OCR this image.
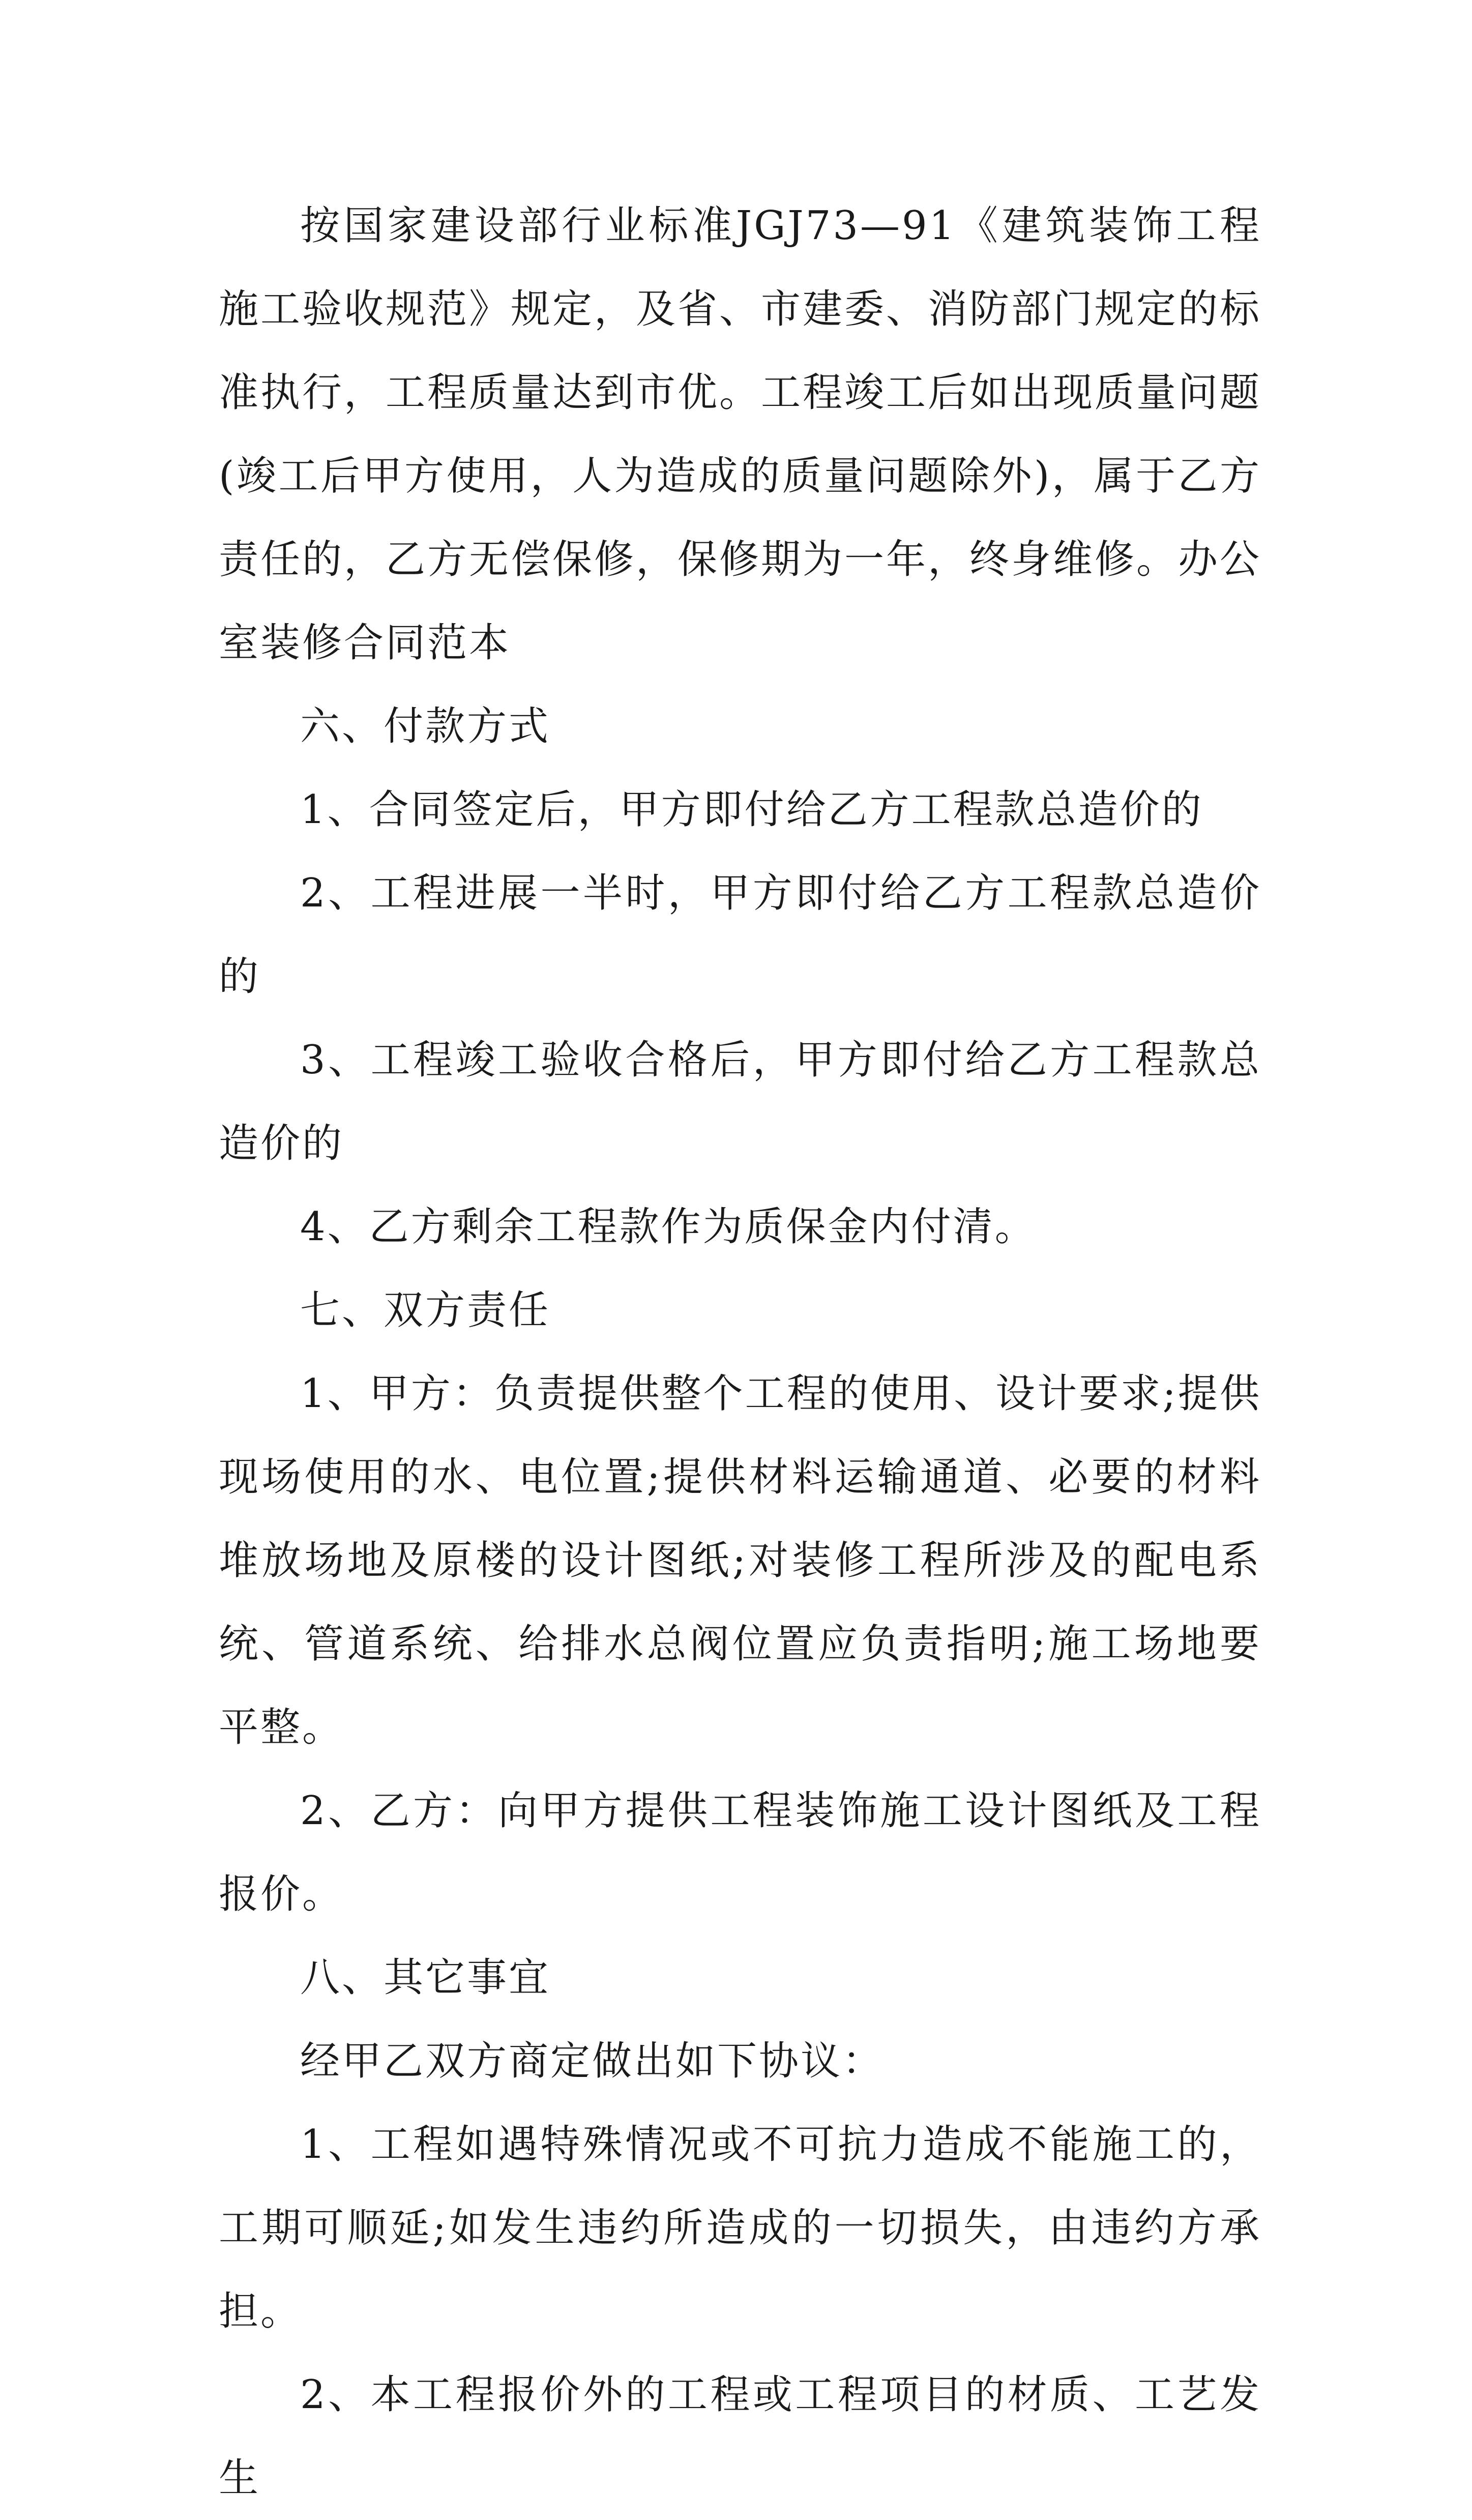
按国家建设部行业标准JGJ73—91《建筑装饰工程施工验收规范》规定，及省、市建委、消防部门规定的标准执行，工程质量达到市优。工程竣工后如出现质量问题(竣工后甲方使用，人为造成的质量问题除外)，属于乙方责任的，乙方无偿保修，保修期为一年，终身维修。办公室装修合同范本

六、付款方式

1、合同签定后，甲方即付给乙方工程款总造价的

2、工程进展一半时，甲方即付给乙方工程款总造价的

3、工程竣工验收合格后，甲方即付给乙方工程款总造价的

4、乙方剩余工程款作为质保金内付清。

七、双方责任

1、甲方：负责提供整个工程的使用、设计要求;提供现场使用的水、电位置;提供材料运输通道、必要的材料堆放场地及原楼的设计图纸;对装修工程所涉及的配电系统、管道系统、给排水总阀位置应负责指明;施工场地要平整。

2、乙方：向甲方提供工程装饰施工设计图纸及工程报价。

八、其它事宜

经甲乙双方商定做出如下协议：

1、工程如遇特殊情况或不可抗力造成不能施工的，工期可顺延;如发生违约所造成的一切损失，由违约方承担。

2、本工程报价外的工程或工程项目的材质、工艺发生
